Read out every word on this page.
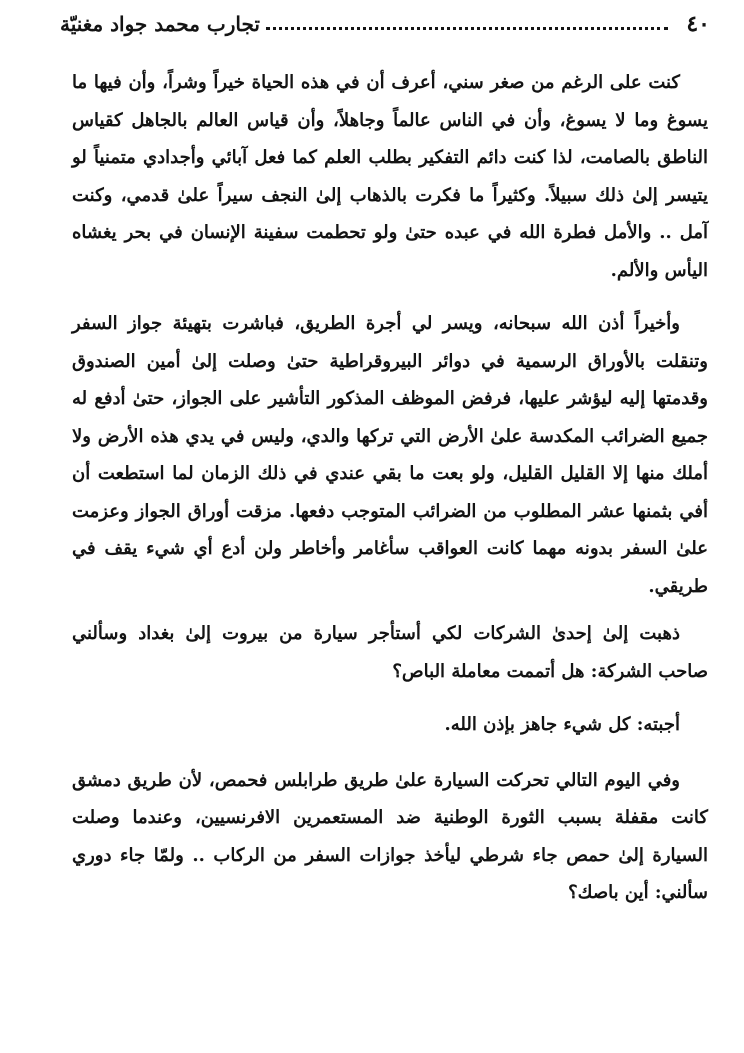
٤٠
تجارب محمد جواد مغنيّة

كنت على الرغم من صغر سني، أعرف أن في هذه الحياة خيراً وشراً، وأن فيها ما يسوغ وما لا يسوغ، وأن في الناس عالماً وجاهلاً، وأن قياس العالم بالجاهل كقياس الناطق بالصامت، لذا كنت دائم التفكير بطلب العلم كما فعل آبائي وأجدادي متمنياً لو يتيسر إلىٰ ذلك سبيلاً. وكثيراً ما فكرت بالذهاب إلىٰ النجف سيراً علىٰ قدمي، وكنت آمل .. والأمل فطرة الله في عبده حتىٰ ولو تحطمت سفينة الإنسان في بحر يغشاه اليأس والألم.

وأخيراً أذن الله سبحانه، ويسر لي أجرة الطريق، فباشرت بتهيئة جواز السفر وتنقلت بالأوراق الرسمية في دوائر البيروقراطية حتىٰ وصلت إلىٰ أمين الصندوق وقدمتها إليه ليؤشر عليها، فرفض الموظف المذكور التأشير على الجواز، حتىٰ أدفع له جميع الضرائب المكدسة علىٰ الأرض التي تركها والدي، وليس في يدي هذه الأرض ولا أملك منها إلا القليل القليل، ولو بعت ما بقي عندي في ذلك الزمان لما استطعت أن أفي بثمنها عشر المطلوب من الضرائب المتوجب دفعها. مزقت أوراق الجواز وعزمت علىٰ السفر بدونه مهما كانت العواقب سأغامر وأخاطر ولن أدع أي شيء يقف في طريقي.

ذهبت إلىٰ إحدىٰ الشركات لكي أستأجر سيارة من بيروت إلىٰ بغداد وسألني صاحب الشركة: هل أتممت معاملة الباص؟

أجبته: كل شيء جاهز بإذن الله.

وفي اليوم التالي تحركت السيارة علىٰ طريق طرابلس فحمص، لأن طريق دمشق كانت مقفلة بسبب الثورة الوطنية ضد المستعمرين الافرنسيين، وعندما وصلت السيارة إلىٰ حمص جاء شرطي ليأخذ جوازات السفر من الركاب .. ولمّا جاء دوري سألني: أين باصك؟
